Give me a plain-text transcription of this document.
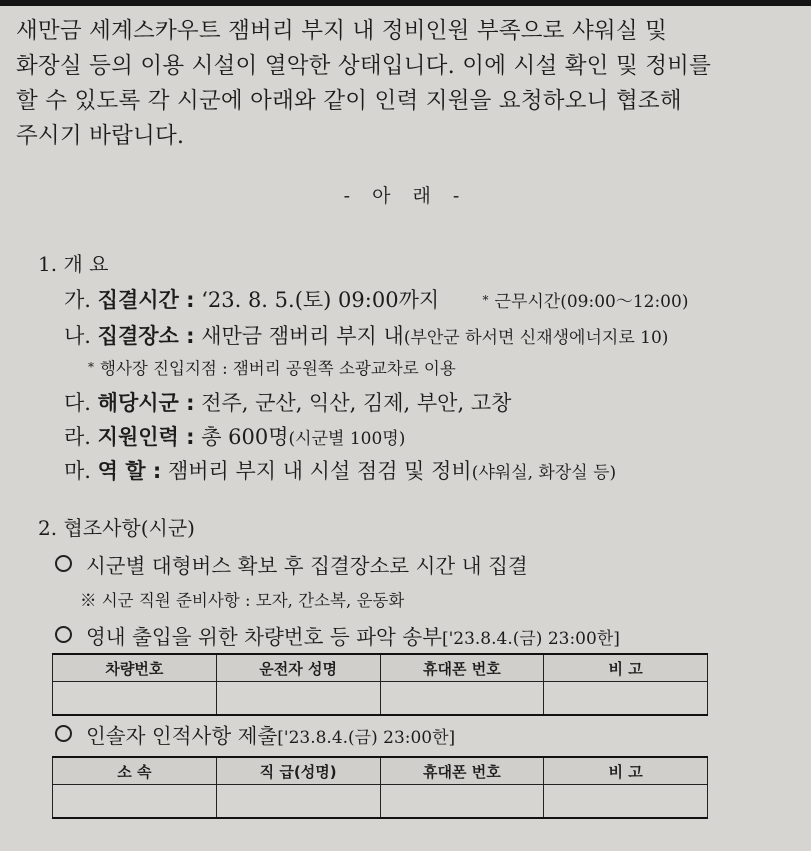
새만금 세계스카우트 잼버리 부지 내 정비인원 부족으로 샤워실 및
화장실 등의 이용 시설이 열악한 상태입니다. 이에 시설 확인 및 정비를
할 수 있도록 각 시군에 아래와 같이 인력 지원을 요청하오니 협조해
주시기 바랍니다.
- 아 래 -
1. 개 요
가. 집결시간 : ‘23. 8. 5.(토) 09:00까지	* 근무시간(09:00～12:00)
나. 집결장소 : 새만금 잼버리 부지 내(부안군 하서면 신재생에너지로 10)
* 행사장 진입지점 : 잼버리 공원쪽 소광교차로 이용
다. 해당시군 : 전주, 군산, 익산, 김제, 부안, 고창
라. 지원인력 : 총 600명(시군별 100명)
마. 역 할 : 잼버리 부지 내 시설 점검 및 정비(샤워실, 화장실 등)
2. 협조사항(시군)
시군별 대형버스 확보 후 집결장소로 시간 내 집결
※ 시군 직원 준비사항 : 모자, 간소복, 운동화
영내 출입을 위한 차량번호 등 파악 송부['23.8.4.(금) 23:00한]
차량번호	운전자 성명	휴대폰 번호	비 고

인솔자 인적사항 제출['23.8.4.(금) 23:00한]
소 속	직 급(성명)	휴대폰 번호	비 고
